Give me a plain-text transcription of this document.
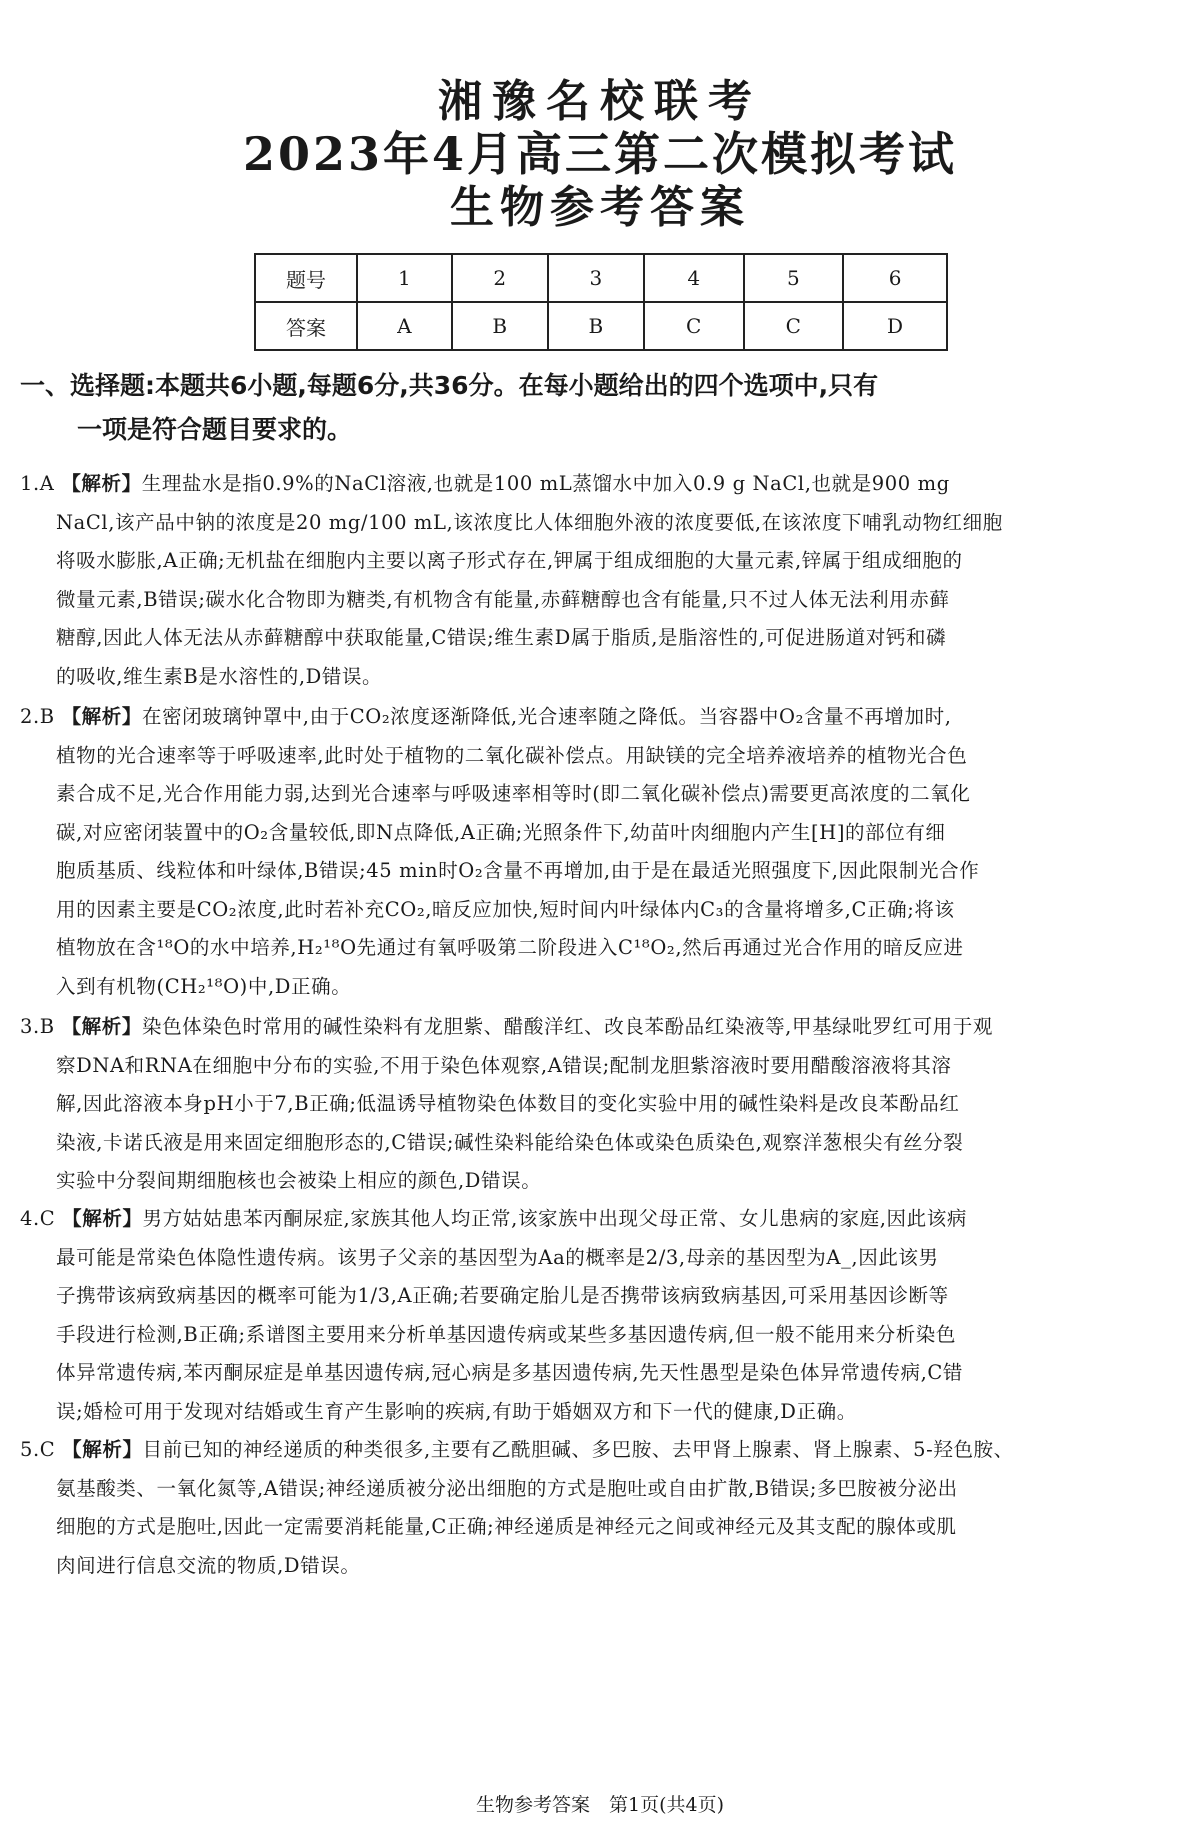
湘豫名校联考
2023年4月高三第二次模拟考试
生物参考答案
题号	1	2	3	4	5	6
答案	A	B	B	C	C	D
一、选择题:本题共6小题,每题6分,共36分。在每小题给出的四个选项中,只有
一项是符合题目要求的。
1.A 【解析】生理盐水是指0.9%的NaCl溶液,也就是100 mL蒸馏水中加入0.9 g NaCl,也就是900 mg
NaCl,该产品中钠的浓度是20 mg/100 mL,该浓度比人体细胞外液的浓度要低,在该浓度下哺乳动物红细胞
将吸水膨胀,A正确;无机盐在细胞内主要以离子形式存在,钾属于组成细胞的大量元素,锌属于组成细胞的
微量元素,B错误;碳水化合物即为糖类,有机物含有能量,赤藓糖醇也含有能量,只不过人体无法利用赤藓
糖醇,因此人体无法从赤藓糖醇中获取能量,C错误;维生素D属于脂质,是脂溶性的,可促进肠道对钙和磷
的吸收,维生素B是水溶性的,D错误。
2.B 【解析】在密闭玻璃钟罩中,由于CO₂浓度逐渐降低,光合速率随之降低。当容器中O₂含量不再增加时,
植物的光合速率等于呼吸速率,此时处于植物的二氧化碳补偿点。用缺镁的完全培养液培养的植物光合色
素合成不足,光合作用能力弱,达到光合速率与呼吸速率相等时(即二氧化碳补偿点)需要更高浓度的二氧化
碳,对应密闭装置中的O₂含量较低,即N点降低,A正确;光照条件下,幼苗叶肉细胞内产生[H]的部位有细
胞质基质、线粒体和叶绿体,B错误;45 min时O₂含量不再增加,由于是在最适光照强度下,因此限制光合作
用的因素主要是CO₂浓度,此时若补充CO₂,暗反应加快,短时间内叶绿体内C₃的含量将增多,C正确;将该
植物放在含¹⁸O的水中培养,H₂¹⁸O先通过有氧呼吸第二阶段进入C¹⁸O₂,然后再通过光合作用的暗反应进
入到有机物(CH₂¹⁸O)中,D正确。
3.B 【解析】染色体染色时常用的碱性染料有龙胆紫、醋酸洋红、改良苯酚品红染液等,甲基绿吡罗红可用于观
察DNA和RNA在细胞中分布的实验,不用于染色体观察,A错误;配制龙胆紫溶液时要用醋酸溶液将其溶
解,因此溶液本身pH小于7,B正确;低温诱导植物染色体数目的变化实验中用的碱性染料是改良苯酚品红
染液,卡诺氏液是用来固定细胞形态的,C错误;碱性染料能给染色体或染色质染色,观察洋葱根尖有丝分裂
实验中分裂间期细胞核也会被染上相应的颜色,D错误。
4.C 【解析】男方姑姑患苯丙酮尿症,家族其他人均正常,该家族中出现父母正常、女儿患病的家庭,因此该病
最可能是常染色体隐性遗传病。该男子父亲的基因型为Aa的概率是2/3,母亲的基因型为A_,因此该男
子携带该病致病基因的概率可能为1/3,A正确;若要确定胎儿是否携带该病致病基因,可采用基因诊断等
手段进行检测,B正确;系谱图主要用来分析单基因遗传病或某些多基因遗传病,但一般不能用来分析染色
体异常遗传病,苯丙酮尿症是单基因遗传病,冠心病是多基因遗传病,先天性愚型是染色体异常遗传病,C错
误;婚检可用于发现对结婚或生育产生影响的疾病,有助于婚姻双方和下一代的健康,D正确。
5.C 【解析】目前已知的神经递质的种类很多,主要有乙酰胆碱、多巴胺、去甲肾上腺素、肾上腺素、5-羟色胺、
氨基酸类、一氧化氮等,A错误;神经递质被分泌出细胞的方式是胞吐或自由扩散,B错误;多巴胺被分泌出
细胞的方式是胞吐,因此一定需要消耗能量,C正确;神经递质是神经元之间或神经元及其支配的腺体或肌
肉间进行信息交流的物质,D错误。
生物参考答案　第1页(共4页)
